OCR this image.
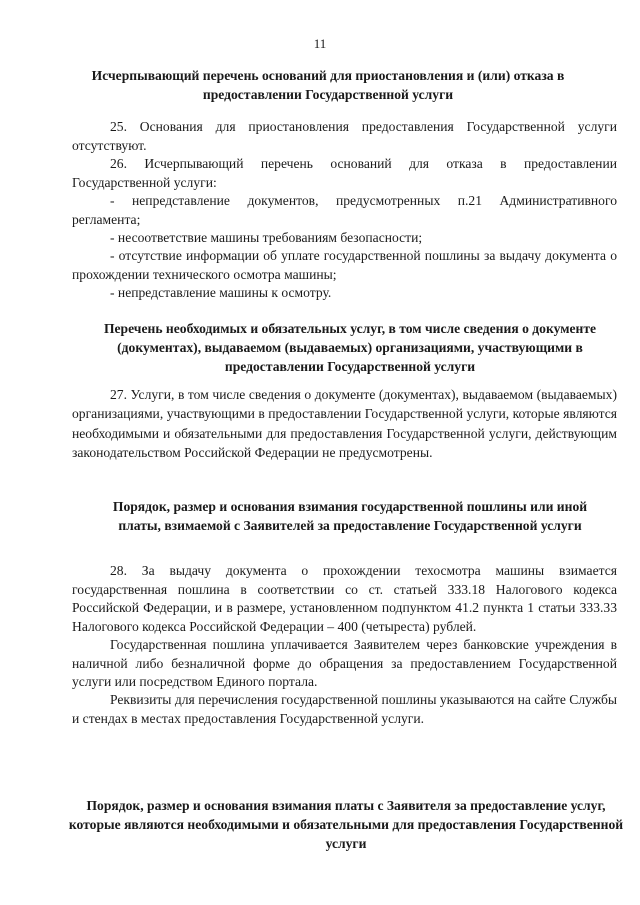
11
Исчерпывающий перечень оснований для приостановления и (или) отказа в предоставлении Государственной услуги
25. Основания для приостановления предоставления Государственной услуги отсутствуют.
26. Исчерпывающий перечень оснований для отказа в предоставлении Государственной услуги:
- непредставление документов, предусмотренных п.21 Административного регламента;
- несоответствие машины требованиям безопасности;
- отсутствие информации об уплате государственной пошлины за выдачу документа о прохождении технического осмотра машины;
- непредставление машины к осмотру.
Перечень необходимых и обязательных услуг, в том числе сведения о документе (документах), выдаваемом (выдаваемых) организациями, участвующими в предоставлении Государственной услуги
27. Услуги, в том числе сведения о документе (документах), выдаваемом (выдаваемых) организациями, участвующими в предоставлении Государственной услуги, которые являются необходимыми и обязательными для предоставления Государственной услуги, действующим законодательством Российской Федерации не предусмотрены.
Порядок, размер и основания взимания государственной пошлины или иной платы, взимаемой с Заявителей за предоставление Государственной услуги
28. За выдачу документа о прохождении техосмотра машины взимается государственная пошлина в соответствии со ст. статьей 333.18 Налогового кодекса Российской Федерации, и в размере, установленном подпунктом 41.2 пункта 1 статьи 333.33 Налогового кодекса Российской Федерации – 400 (четыреста) рублей.
Государственная пошлина уплачивается Заявителем через банковские учреждения в наличной либо безналичной форме до обращения за предоставлением Государственной услуги или посредством Единого портала.
Реквизиты для перечисления государственной пошлины указываются на сайте Службы и стендах в местах предоставления Государственной услуги.
Порядок, размер и основания взимания платы с Заявителя за предоставление услуг, которые являются необходимыми и обязательными для предоставления Государственной услуги
